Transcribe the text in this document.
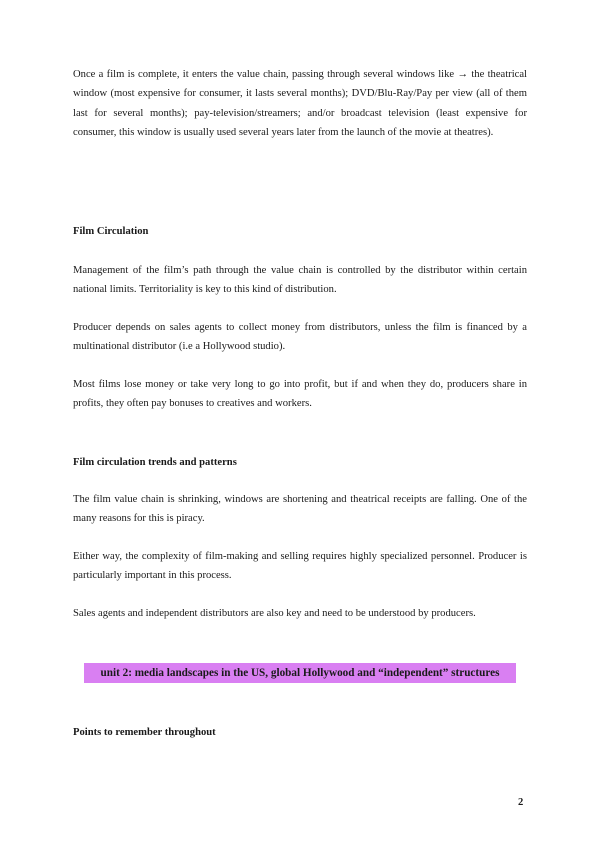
Once a film is complete, it enters the value chain, passing through several windows like → the theatrical window (most expensive for consumer, it lasts several months); DVD/Blu-Ray/Pay per view (all of them last for several months); pay-television/streamers; and/or broadcast television (least expensive for consumer, this window is usually used several years later from the launch of the movie at theatres).

Film Circulation

Management of the film’s path through the value chain is controlled by the distributor within certain national limits. Territoriality is key to this kind of distribution.

Producer depends on sales agents to collect money from distributors, unless the film is financed by a multinational distributor (i.e a Hollywood studio).

Most films lose money or take very long to go into profit, but if and when they do, producers share in profits, they often pay bonuses to creatives and workers.

Film circulation trends and patterns

The film value chain is shrinking, windows are shortening and theatrical receipts are falling. One of the many reasons for this is piracy.

Either way, the complexity of film-making and selling requires highly specialized personnel. Producer is particularly important in this process.

Sales agents and independent distributors are also key and need to be understood by producers.

unit 2: media landscapes in the US, global Hollywood and “independent” structures
Points to remember throughout
2
